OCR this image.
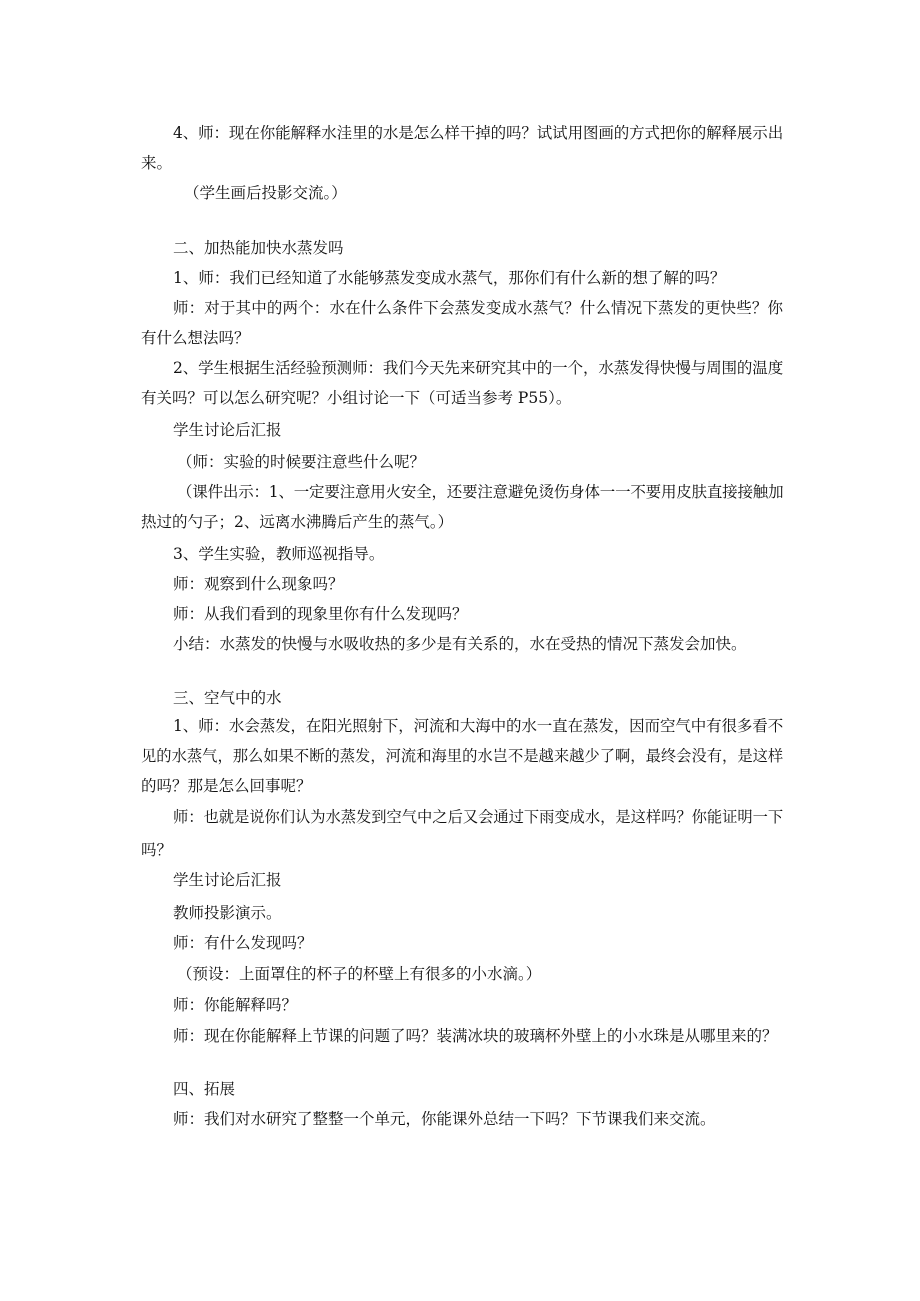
4、师：现在你能解释水洼里的水是怎么样干掉的吗？试试用图画的方式把你的解释展示出

来。

（学生画后投影交流。）

二、加热能加快水蒸发吗

1、师：我们已经知道了水能够蒸发变成水蒸气，那你们有什么新的想了解的吗？

师：对于其中的两个：水在什么条件下会蒸发变成水蒸气？什么情况下蒸发的更快些？你

有什么想法吗？

2、学生根据生活经验预测师：我们今天先来研究其中的一个，水蒸发得快慢与周围的温度

有关吗？可以怎么研究呢？小组讨论一下（可适当参考 P55）。

学生讨论后汇报

（师：实验的时候要注意些什么呢？

（课件出示：1、一定要注意用火安全，还要注意避免烫伤身体一一不要用皮肤直接接触加

热过的勺子；2、远离水沸腾后产生的蒸气。）

3、学生实验，教师巡视指导。

师：观察到什么现象吗？

师：从我们看到的现象里你有什么发现吗？

小结：水蒸发的快慢与水吸收热的多少是有关系的，水在受热的情况下蒸发会加快。

三、空气中的水

1、师：水会蒸发，在阳光照射下，河流和大海中的水一直在蒸发，因而空气中有很多看不

见的水蒸气，那么如果不断的蒸发，河流和海里的水岂不是越来越少了啊，最终会没有，是这样

的吗？那是怎么回事呢？

师：也就是说你们认为水蒸发到空气中之后又会通过下雨变成水，是这样吗？你能证明一下

吗？

学生讨论后汇报

教师投影演示。

师：有什么发现吗？

（预设：上面罩住的杯子的杯壁上有很多的小水滴。）

师：你能解释吗？

师：现在你能解释上节课的问题了吗？装满冰块的玻璃杯外壁上的小水珠是从哪里来的？

四、拓展

师：我们对水研究了整整一个单元，你能课外总结一下吗？下节课我们来交流。
